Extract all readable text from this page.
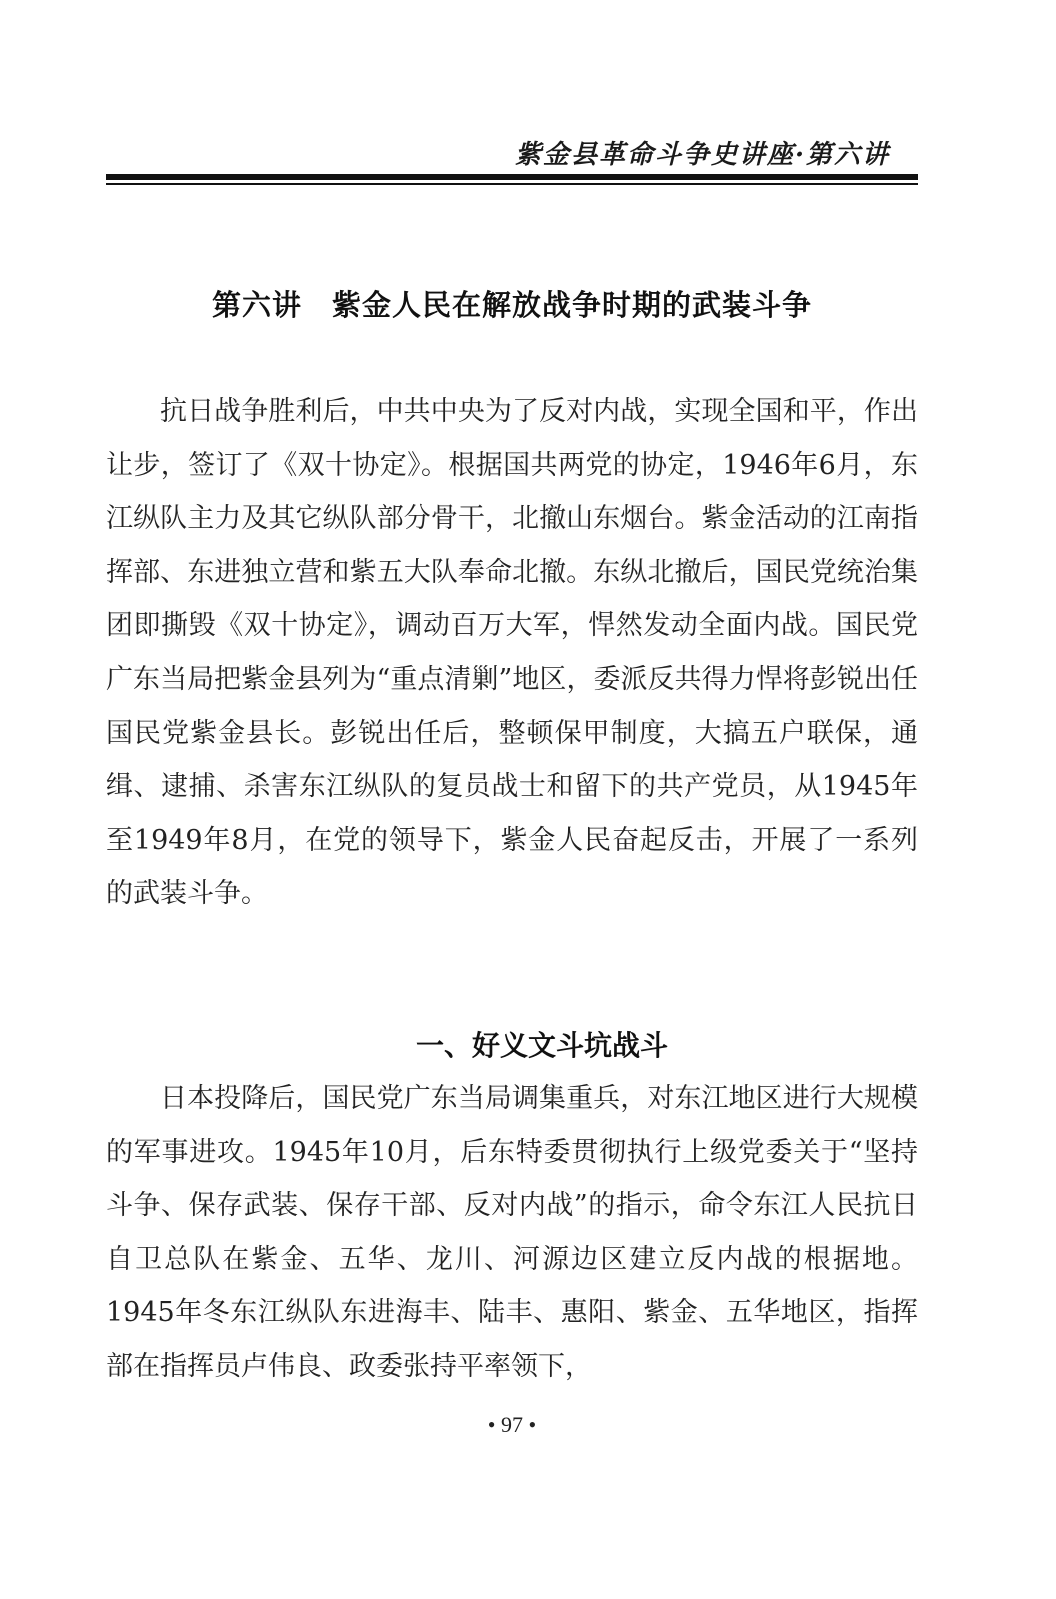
紫金县革命斗争史讲座·第六讲
第六讲 紫金人民在解放战争时期的武装斗争

抗日战争胜利后，中共中央为了反对内战，实现全国和平，作出让步，签订了《双十协定》。根据国共两党的协定，1946年6月，东江纵队主力及其它纵队部分骨干，北撤山东烟台。紫金活动的江南指挥部、东进独立营和紫五大队奉命北撤。东纵北撤后，国民党统治集团即撕毁《双十协定》，调动百万大军，悍然发动全面内战。国民党广东当局把紫金县列为“重点清剿”地区，委派反共得力悍将彭锐出任国民党紫金县长。彭锐出任后，整顿保甲制度，大搞五户联保，通缉、逮捕、杀害东江纵队的复员战士和留下的共产党员，从1945年至1949年8月，在党的领导下，紫金人民奋起反击，开展了一系列的武装斗争。

一、好义文斗坑战斗

日本投降后，国民党广东当局调集重兵，对东江地区进行大规模的军事进攻。1945年10月，后东特委贯彻执行上级党委关于“坚持斗争、保存武装、保存干部、反对内战”的指示，命令东江人民抗日自卫总队在紫金、五华、龙川、河源边区建立反内战的根据地。1945年冬东江纵队东进海丰、陆丰、惠阳、紫金、五华地区，指挥部在指挥员卢伟良、政委张持平率领下，

• 97 •
